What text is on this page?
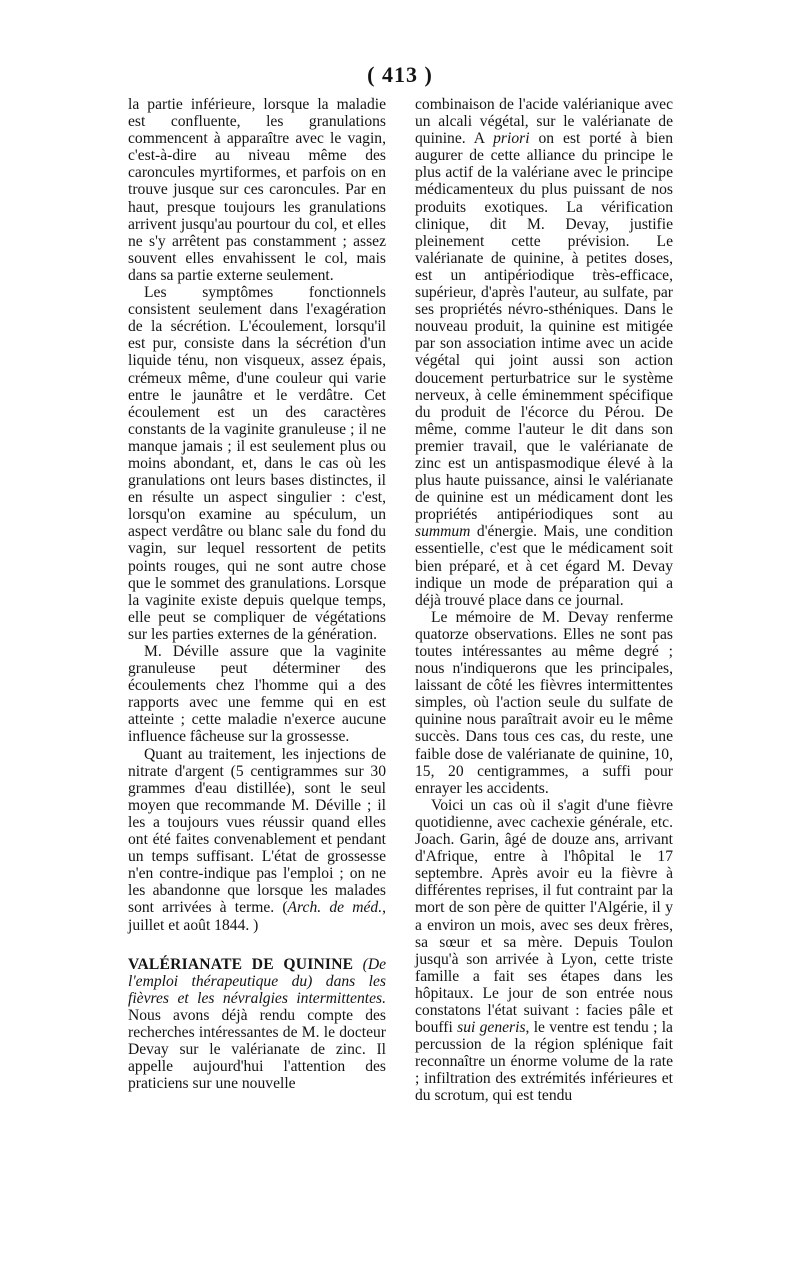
( 413 )

la partie inférieure, lorsque la maladie est confluente, les granulations commencent à apparaître avec le vagin, c'est-à-dire au niveau même des caroncules myrtiformes, et parfois on en trouve jusque sur ces caroncules. Par en haut, presque toujours les granulations arrivent jusqu'au pourtour du col, et elles ne s'y arrêtent pas constamment ; assez souvent elles envahissent le col, mais dans sa partie externe seulement.

Les symptômes fonctionnels consistent seulement dans l'exagération de la sécrétion. L'écoulement, lorsqu'il est pur, consiste dans la sécrétion d'un liquide ténu, non visqueux, assez épais, crémeux même, d'une couleur qui varie entre le jaunâtre et le verdâtre. Cet écoulement est un des caractères constants de la vaginite granuleuse ; il ne manque jamais ; il est seulement plus ou moins abondant, et, dans le cas où les granulations ont leurs bases distinctes, il en résulte un aspect singulier : c'est, lorsqu'on examine au spéculum, un aspect verdâtre ou blanc sale du fond du vagin, sur lequel ressortent de petits points rouges, qui ne sont autre chose que le sommet des granulations. Lorsque la vaginite existe depuis quelque temps, elle peut se compliquer de végétations sur les parties externes de la génération.

M. Déville assure que la vaginite granuleuse peut déterminer des écoulements chez l'homme qui a des rapports avec une femme qui en est atteinte ; cette maladie n'exerce aucune influence fâcheuse sur la grossesse.

Quant au traitement, les injections de nitrate d'argent (5 centigrammes sur 30 grammes d'eau distillée), sont le seul moyen que recommande M. Déville ; il les a toujours vues réussir quand elles ont été faites convenablement et pendant un temps suffisant. L'état de grossesse n'en contre-indique pas l'emploi ; on ne les abandonne que lorsque les malades sont arrivées à terme. (Arch. de méd., juillet et août 1844. )

VALÉRIANATE DE QUININE (De l'emploi thérapeutique du) dans les fièvres et les névralgies intermittentes. Nous avons déjà rendu compte des recherches intéressantes de M. le docteur Devay sur le valérianate de zinc. Il appelle aujourd'hui l'attention des praticiens sur une nouvelle

combinaison de l'acide valérianique avec un alcali végétal, sur le valérianate de quinine. A priori on est porté à bien augurer de cette alliance du principe le plus actif de la valériane avec le principe médicamenteux du plus puissant de nos produits exotiques. La vérification clinique, dit M. Devay, justifie pleinement cette prévision. Le valérianate de quinine, à petites doses, est un antipériodique très-efficace, supérieur, d'après l'auteur, au sulfate, par ses propriétés névro-sthéniques. Dans le nouveau produit, la quinine est mitigée par son association intime avec un acide végétal qui joint aussi son action doucement perturbatrice sur le système nerveux, à celle éminemment spécifique du produit de l'écorce du Pérou. De même, comme l'auteur le dit dans son premier travail, que le valérianate de zinc est un antispasmodique élevé à la plus haute puissance, ainsi le valérianate de quinine est un médicament dont les propriétés antipériodiques sont au summum d'énergie. Mais, une condition essentielle, c'est que le médicament soit bien préparé, et à cet égard M. Devay indique un mode de préparation qui a déjà trouvé place dans ce journal.

Le mémoire de M. Devay renferme quatorze observations. Elles ne sont pas toutes intéressantes au même degré ; nous n'indiquerons que les principales, laissant de côté les fièvres intermittentes simples, où l'action seule du sulfate de quinine nous paraîtrait avoir eu le même succès. Dans tous ces cas, du reste, une faible dose de valérianate de quinine, 10, 15, 20 centigrammes, a suffi pour enrayer les accidents.

Voici un cas où il s'agit d'une fièvre quotidienne, avec cachexie générale, etc. Joach. Garin, âgé de douze ans, arrivant d'Afrique, entre à l'hôpital le 17 septembre. Après avoir eu la fièvre à différentes reprises, il fut contraint par la mort de son père de quitter l'Algérie, il y a environ un mois, avec ses deux frères, sa sœur et sa mère. Depuis Toulon jusqu'à son arrivée à Lyon, cette triste famille a fait ses étapes dans les hôpitaux. Le jour de son entrée nous constatons l'état suivant : facies pâle et bouffi sui generis, le ventre est tendu ; la percussion de la région splénique fait reconnaître un énorme volume de la rate ; infiltration des extrémités inférieures et du scrotum, qui est tendu
